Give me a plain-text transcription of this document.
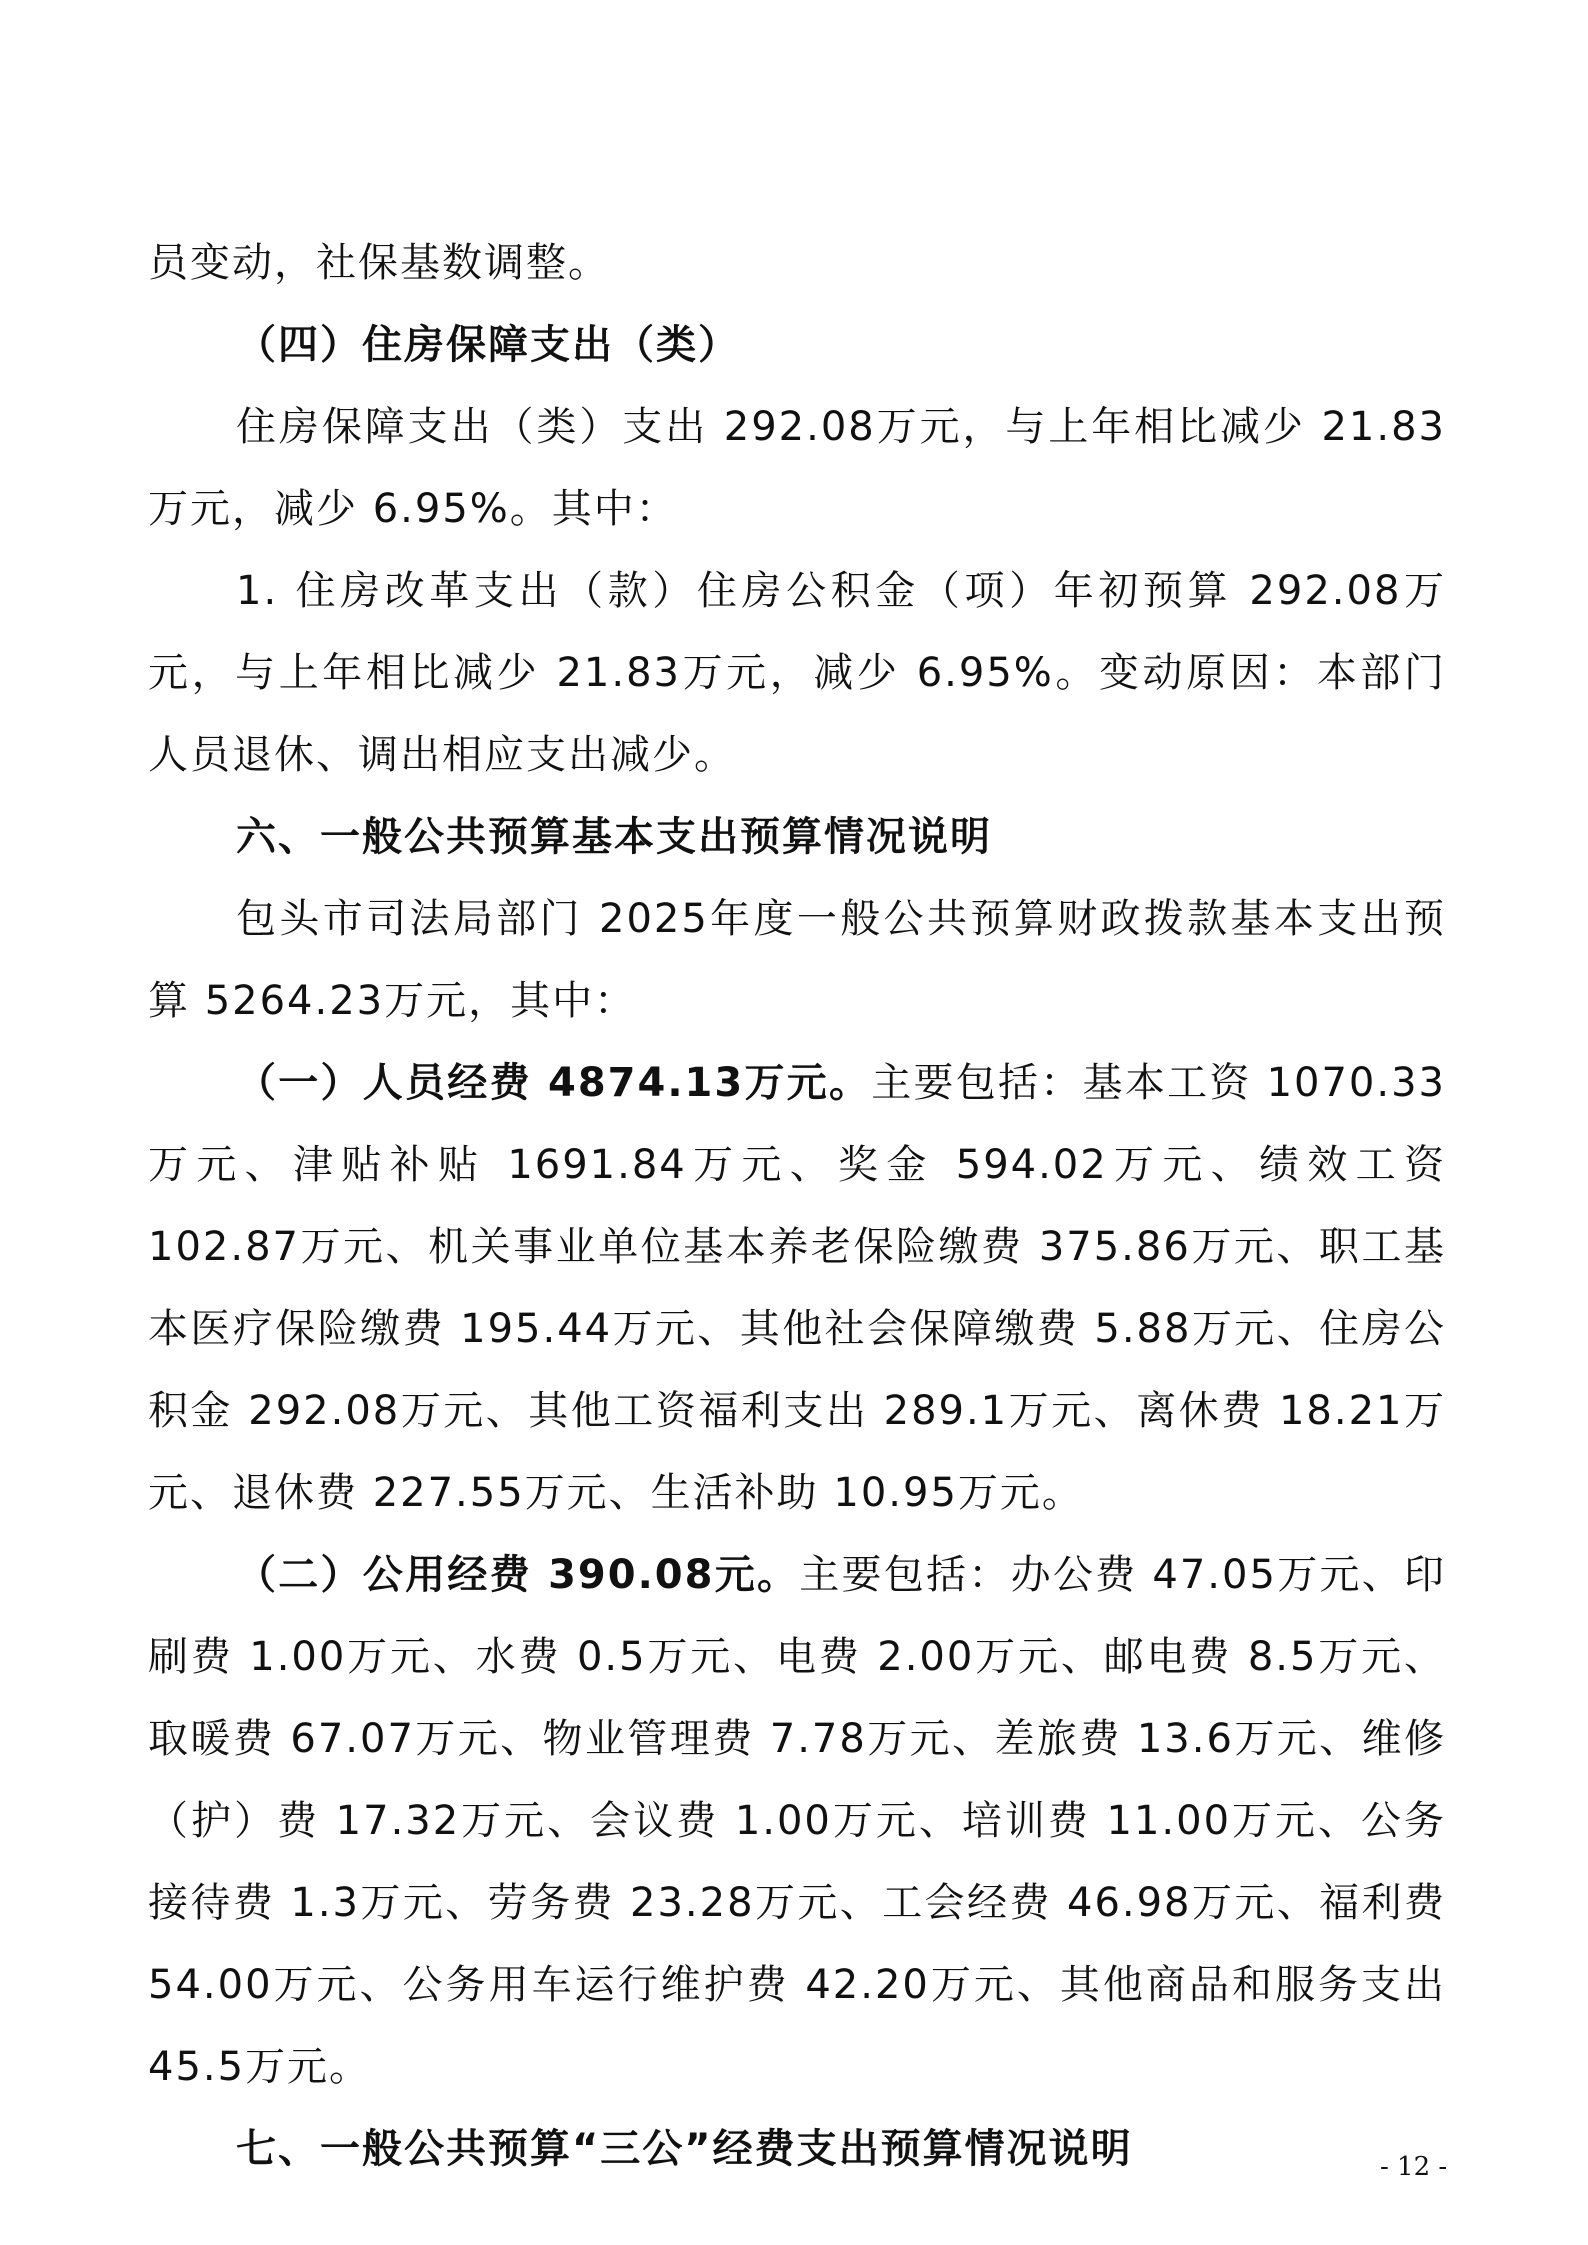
员变动，社保基数调整。

（四）住房保障支出（类）

住房保障支出（类）支出 292.08万元，与上年相比减少 21.83万元，减少 6.95%。其中：

1. 住房改革支出（款）住房公积金（项）年初预算 292.08万元，与上年相比减少 21.83万元，减少 6.95%。变动原因：本部门人员退休、调出相应支出减少。

六、一般公共预算基本支出预算情况说明

包头市司法局部门 2025年度一般公共预算财政拨款基本支出预算 5264.23万元，其中：

（一）人员经费 4874.13万元。主要包括：基本工资 1070.33万元、津贴补贴 1691.84万元、奖金 594.02万元、绩效工资 102.87万元、机关事业单位基本养老保险缴费 375.86万元、职工基本医疗保险缴费 195.44万元、其他社会保障缴费 5.88万元、住房公积金 292.08万元、其他工资福利支出 289.1万元、离休费 18.21万元、退休费 227.55万元、生活补助 10.95万元。

（二）公用经费 390.08元。主要包括：办公费 47.05万元、印刷费 1.00万元、水费 0.5万元、电费 2.00万元、邮电费 8.5万元、取暖费 67.07万元、物业管理费 7.78万元、差旅费 13.6万元、维修（护）费 17.32万元、会议费 1.00万元、培训费 11.00万元、公务接待费 1.3万元、劳务费 23.28万元、工会经费 46.98万元、福利费 54.00万元、公务用车运行维护费 42.20万元、其他商品和服务支出 45.5万元。

七、一般公共预算“三公”经费支出预算情况说明	- 12 -
